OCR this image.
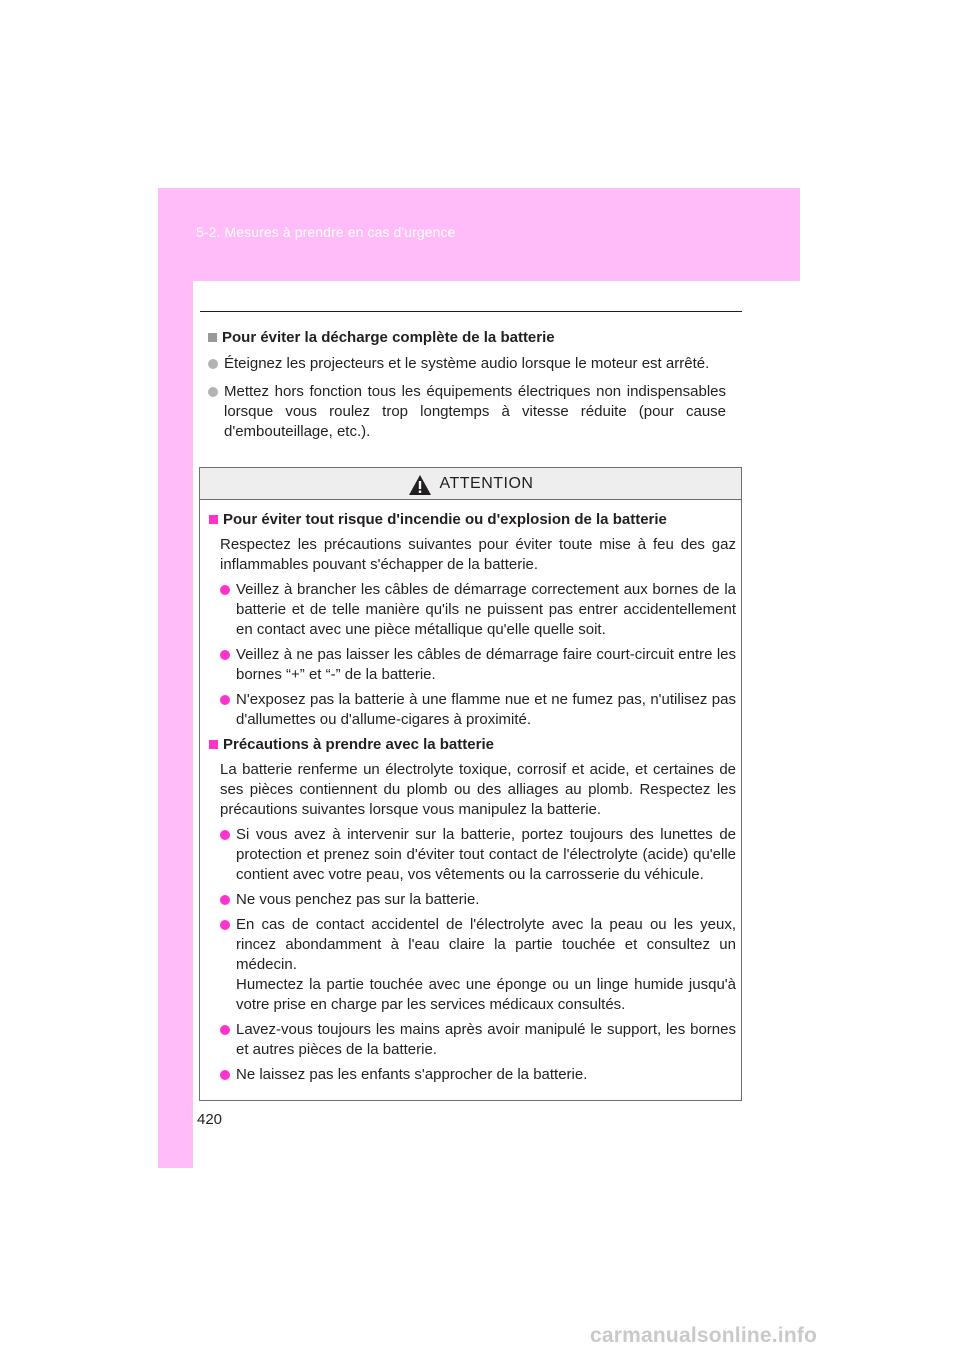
5-2. Mesures à prendre en cas d'urgence
Pour éviter la décharge complète de la batterie
Éteignez les projecteurs et le système audio lorsque le moteur est arrêté.
Mettez hors fonction tous les équipements électriques non indispensables lorsque vous roulez trop longtemps à vitesse réduite (pour cause d'embouteillage, etc.).
ATTENTION
Pour éviter tout risque d'incendie ou d'explosion de la batterie
Respectez les précautions suivantes pour éviter toute mise à feu des gaz inflammables pouvant s'échapper de la batterie.
Veillez à brancher les câbles de démarrage correctement aux bornes de la batterie et de telle manière qu'ils ne puissent pas entrer accidentellement en contact avec une pièce métallique qu'elle quelle soit.
Veillez à ne pas laisser les câbles de démarrage faire court-circuit entre les bornes “+” et “-” de la batterie.
N'exposez pas la batterie à une flamme nue et ne fumez pas, n'utilisez pas d'allumettes ou d'allume-cigares à proximité.
Précautions à prendre avec la batterie
La batterie renferme un électrolyte toxique, corrosif et acide, et certaines de ses pièces contiennent du plomb ou des alliages au plomb. Respectez les précautions suivantes lorsque vous manipulez la batterie.
Si vous avez à intervenir sur la batterie, portez toujours des lunettes de protection et prenez soin d'éviter tout contact de l'électrolyte (acide) qu'elle contient avec votre peau, vos vêtements ou la carrosserie du véhicule.
Ne vous penchez pas sur la batterie.
En cas de contact accidentel de l'électrolyte avec la peau ou les yeux, rincez abondamment à l'eau claire la partie touchée et consultez un médecin.
Humectez la partie touchée avec une éponge ou un linge humide jusqu'à votre prise en charge par les services médicaux consultés.
Lavez-vous toujours les mains après avoir manipulé le support, les bornes et autres pièces de la batterie.
Ne laissez pas les enfants s'approcher de la batterie.
420
carmanualsonline.info
